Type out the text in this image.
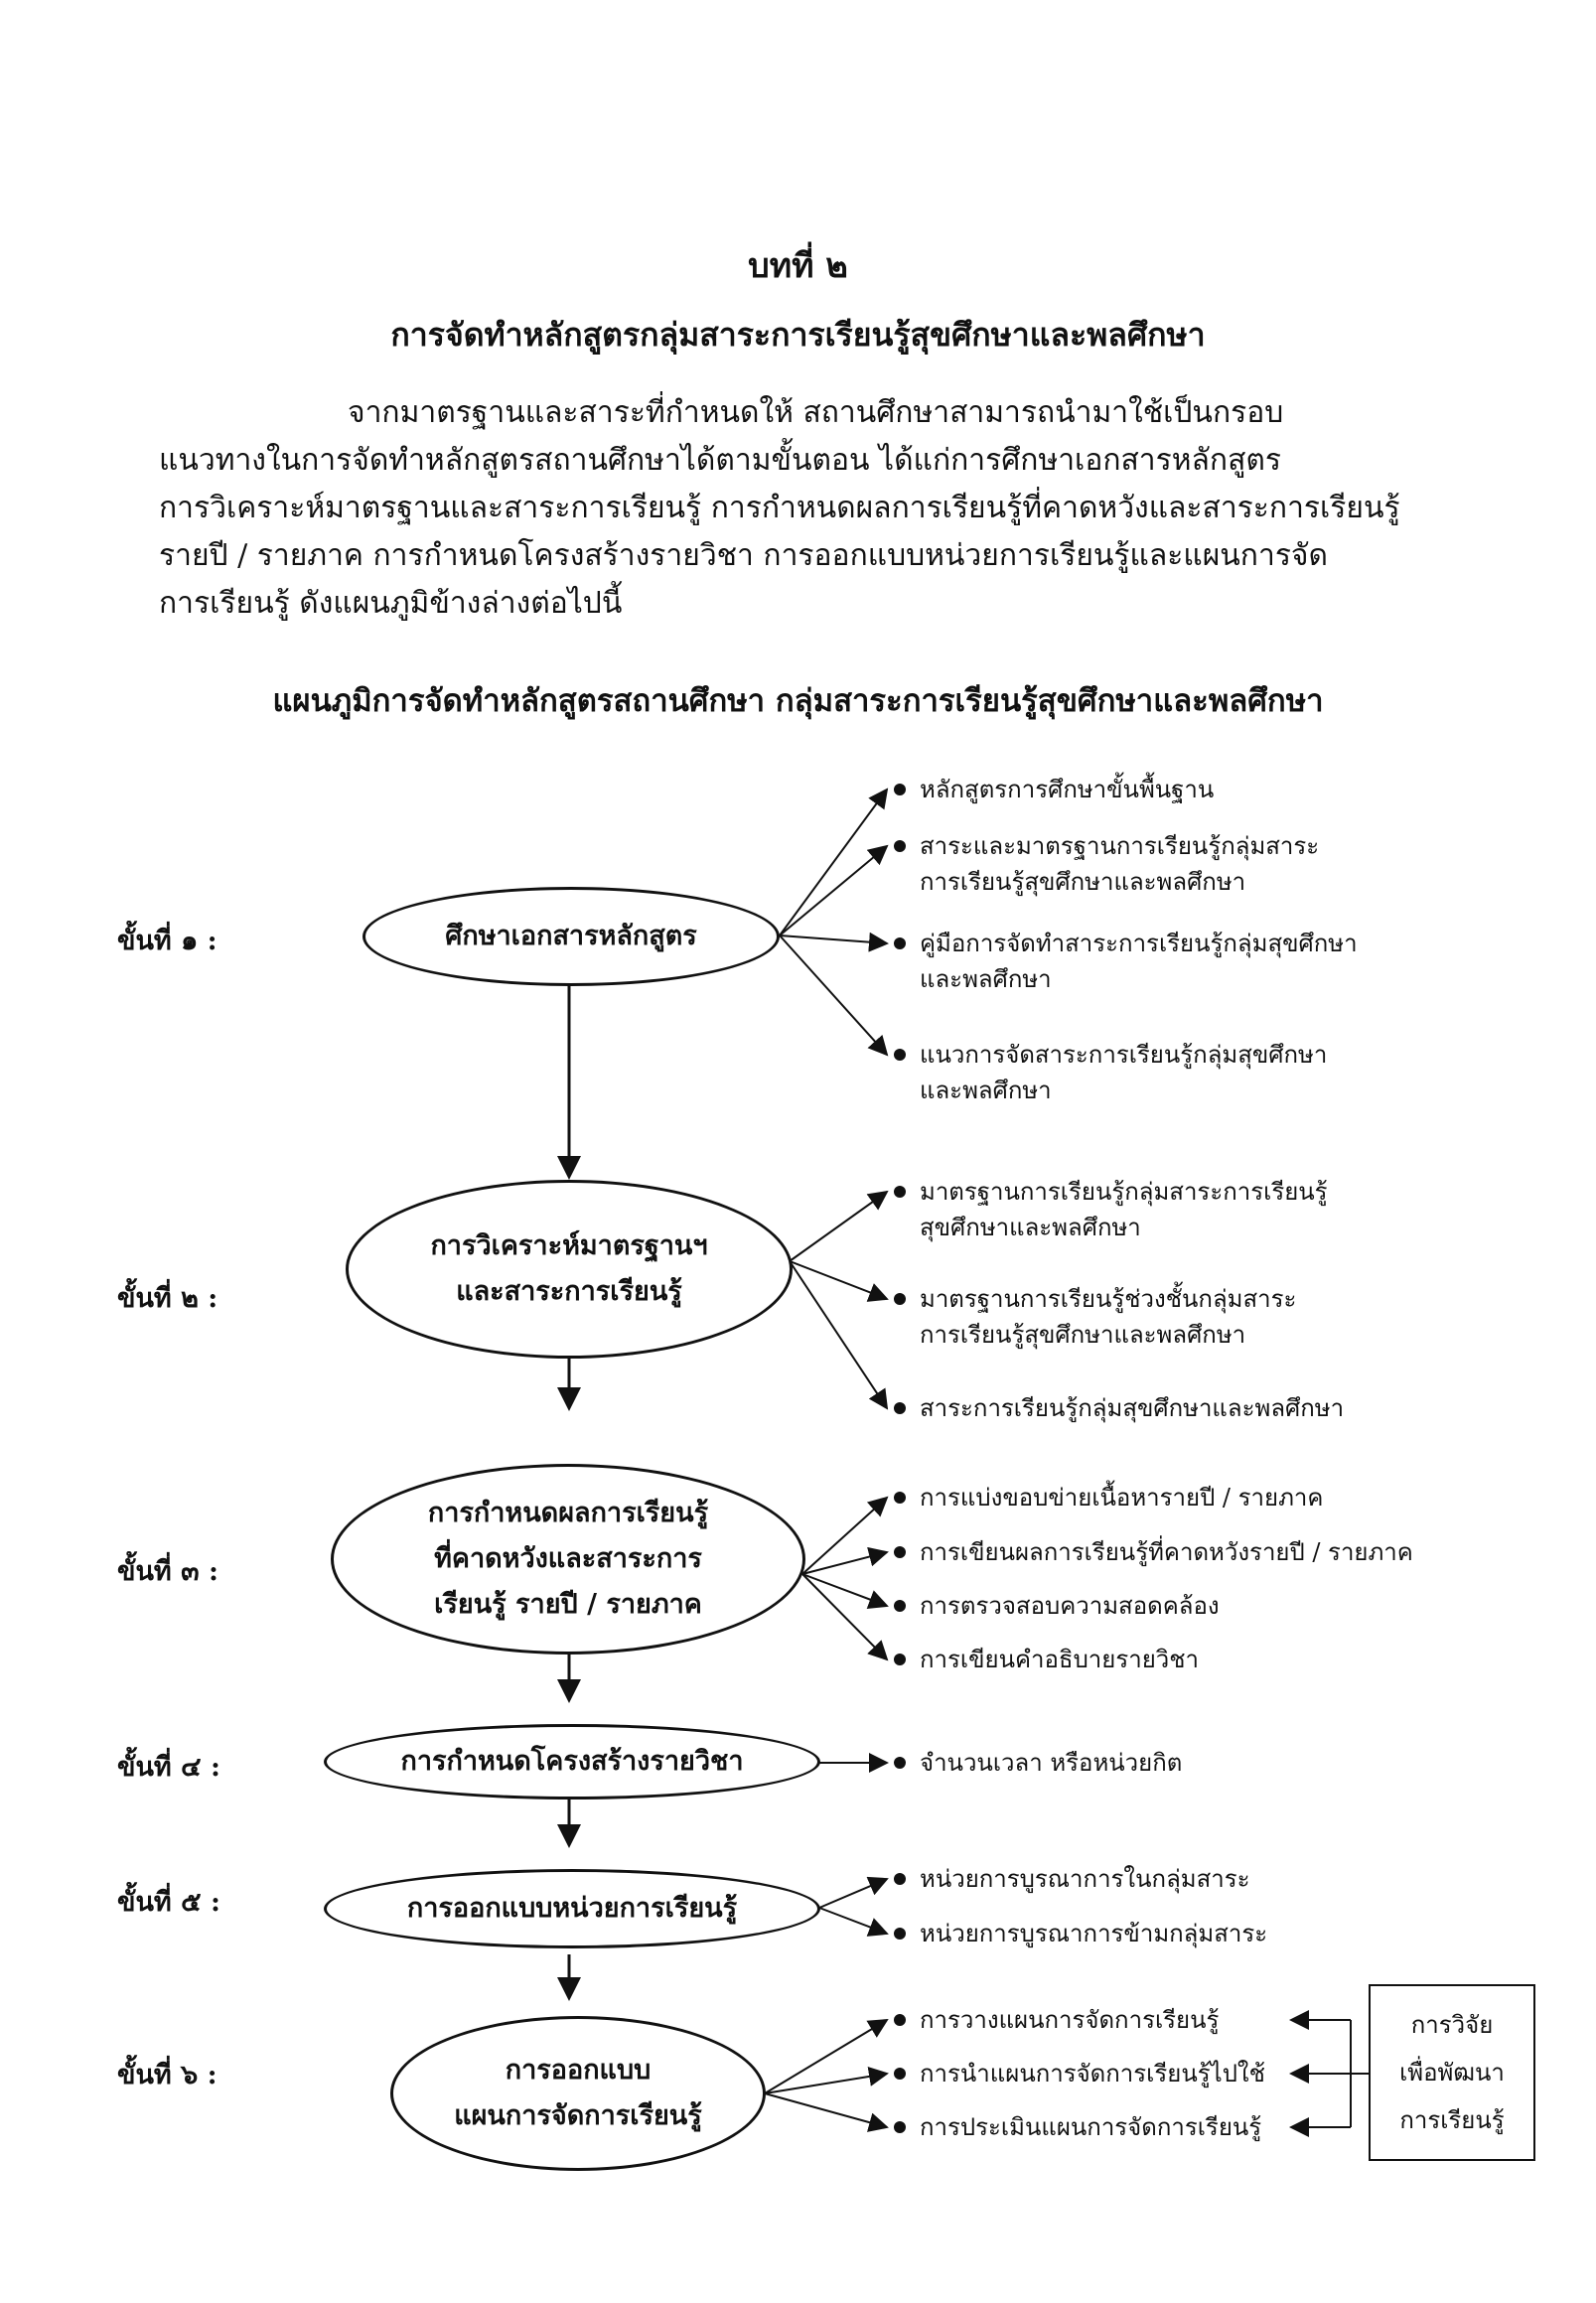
บทที่ ๒
การจัดทำหลักสูตรกลุ่มสาระการเรียนรู้สุขศึกษาและพลศึกษา

จากมาตรฐานและสาระที่กำหนดให้ สถานศึกษาสามารถนำมาใช้เป็นกรอบ

แนวทางในการจัดทำหลักสูตรสถานศึกษาได้ตามขั้นตอน ได้แก่การศึกษาเอกสารหลักสูตร

การวิเคราะห์มาตรฐานและสาระการเรียนรู้ การกำหนดผลการเรียนรู้ที่คาดหวังและสาระการเรียนรู้

รายปี / รายภาค การกำหนดโครงสร้างรายวิชา การออกแบบหน่วยการเรียนรู้และแผนการจัด

การเรียนรู้ ดังแผนภูมิข้างล่างต่อไปนี้

แผนภูมิการจัดทำหลักสูตรสถานศึกษา กลุ่มสาระการเรียนรู้สุขศึกษาและพลศึกษา
ขั้นที่ ๑ :
ขั้นที่ ๒ :
ขั้นที่ ๓ :
ขั้นที่ ๔ :
ขั้นที่ ๕ :
ขั้นที่ ๖ :
ศึกษาเอกสารหลักสูตร
การวิเคราะห์มาตรฐานฯ
และสาระการเรียนรู้
การกำหนดผลการเรียนรู้
ที่คาดหวังและสาระการ
เรียนรู้ รายปี / รายภาค
การกำหนดโครงสร้างรายวิชา
การออกแบบหน่วยการเรียนรู้
การออกแบบ
แผนการจัดการเรียนรู้
หลักสูตรการศึกษาขั้นพื้นฐาน
สาระและมาตรฐานการเรียนรู้กลุ่มสาระ
การเรียนรู้สุขศึกษาและพลศึกษา
คู่มือการจัดทำสาระการเรียนรู้กลุ่มสุขศึกษา
และพลศึกษา
แนวการจัดสาระการเรียนรู้กลุ่มสุขศึกษา
และพลศึกษา
มาตรฐานการเรียนรู้กลุ่มสาระการเรียนรู้
สุขศึกษาและพลศึกษา
มาตรฐานการเรียนรู้ช่วงชั้นกลุ่มสาระ
การเรียนรู้สุขศึกษาและพลศึกษา
สาระการเรียนรู้กลุ่มสุขศึกษาและพลศึกษา
การแบ่งขอบข่ายเนื้อหารายปี / รายภาค
การเขียนผลการเรียนรู้ที่คาดหวังรายปี / รายภาค
การตรวจสอบความสอดคล้อง
การเขียนคำอธิบายรายวิชา
จำนวนเวลา หรือหน่วยกิต
หน่วยการบูรณาการในกลุ่มสาระ
หน่วยการบูรณาการข้ามกลุ่มสาระ
การวางแผนการจัดการเรียนรู้
การนำแผนการจัดการเรียนรู้ไปใช้
การประเมินแผนการจัดการเรียนรู้
การวิจัย
เพื่อพัฒนา
การเรียนรู้
